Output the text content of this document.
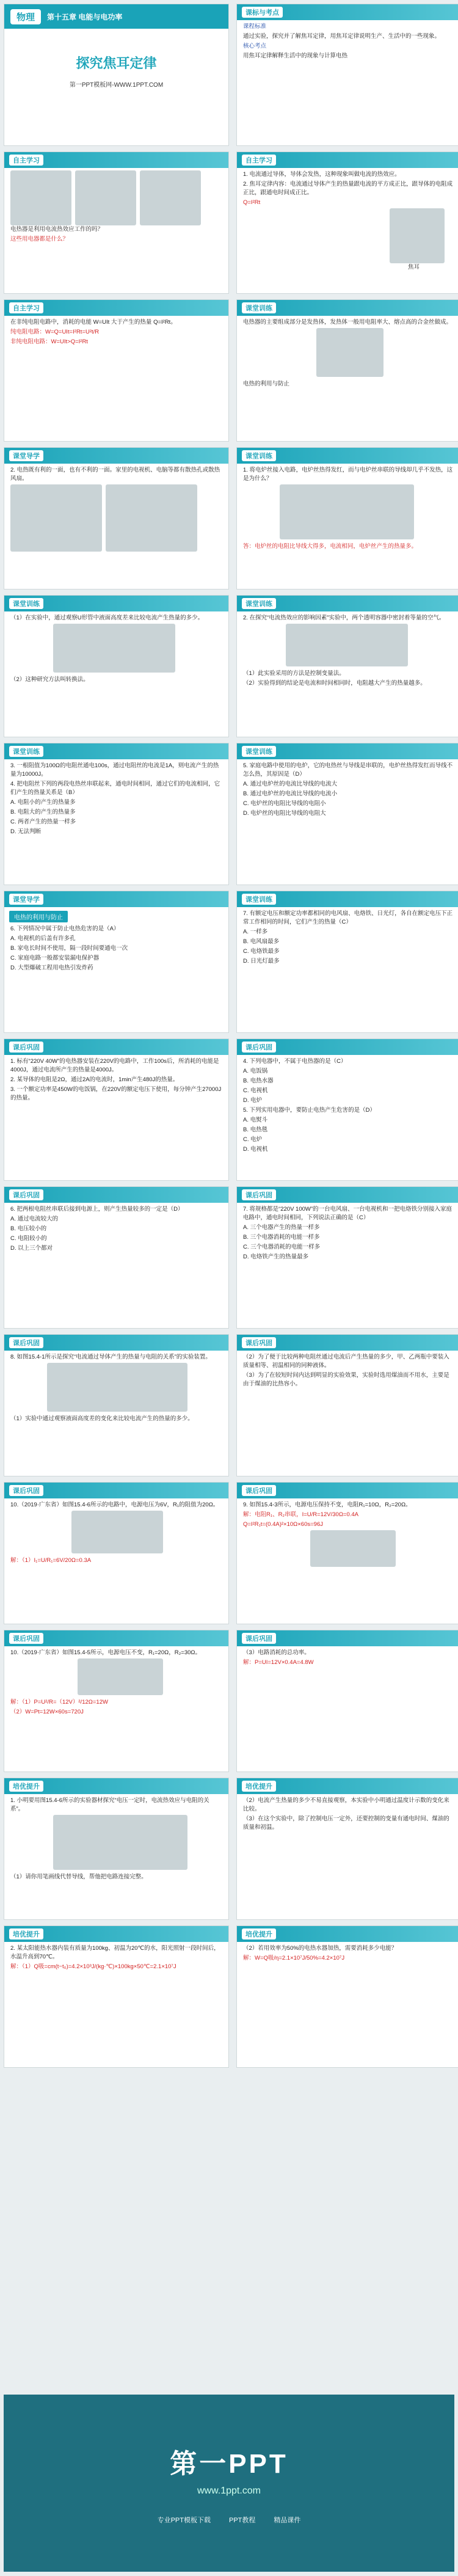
物理	第十五章 电能与电功率
探究焦耳定律
第一PPT模板网-WWW.1PPT.COM
课标与考点

课程标准

通过实验，探究并了解焦耳定律，用焦耳定律说明生产、生活中的一些现象。

核心考点

用焦耳定律解释生活中的现象与计算电热

自主学习

电热器是利用电流热效应工作的吗？

这些用电器都是什么？

自主学习

1. 电流通过导体，导体会发热，这种现象叫做电流的热效应。

2. 焦耳定律内容：电流通过导体产生的热量跟电流的平方成正比，跟导体的电阻成正比，跟通电时间成正比。

Q=I²Rt

焦耳

自主学习

在非纯电阻电路中，消耗的电能 W=UIt 大于产生的热量 Q=I²Rt。

纯电阻电路：W=Q=UIt=I²Rt=U²t/R

非纯电阻电路：W=UIt>Q=I²Rt

课堂训练

电热器的主要组成部分是发热体，发热体一般用电阻率大、熔点高的合金丝做成。

电热的利用与防止

课堂导学

2. 电热既有利的一面，也有不利的一面。家里的电视机、电脑等都有散热孔或散热风扇。

课堂训练

1. 将电炉丝接入电路，电炉丝热得发红，而与电炉丝串联的导线却几乎不发热，这是为什么？

答：电炉丝的电阻比导线大得多，电流相同，电炉丝产生的热量多。

课堂训练

（1）在实验中，通过观察U形管中液面高度差来比较电流产生热量的多少。

（2）这种研究方法叫转换法。

课堂训练

2. 在探究“电流热效应的影响因素”实验中，两个透明容器中密封着等量的空气。

（1）此实验采用的方法是控制变量法。

（2）实验得到的结论是电流和时间相同时，电阻越大产生的热量越多。

课堂训练

3. 一根阻值为100Ω的电阻丝通电100s，通过电阻丝的电流是1A，则电流产生的热量为10000J。

4. 把电阻丝下列的两段电热丝串联起来，通电时间相同，通过它们的电流相同，它们产生的热量关系是（B）

A. 电阻小的产生的热量多

B. 电阻大的产生的热量多

C. 两者产生的热量一样多

D. 无法判断

课堂训练

5. 家庭电路中使用的电炉，它的电热丝与导线是串联的，电炉丝热得发红而导线不怎么热，其原因是（D）

A. 通过电炉丝的电流比导线的电流大

B. 通过电炉丝的电流比导线的电流小

C. 电炉丝的电阻比导线的电阻小

D. 电炉丝的电阻比导线的电阻大

课堂导学
电热的利用与防止

6. 下列情况中属于防止电热危害的是（A）

A. 电视机的后盖有许多孔

B. 家电长时间不使用，隔一段时间要通电一次

C. 家庭电路一般都安装漏电保护器

D. 大型爆破工程用电热引发炸药

课堂训练

7. 有额定电压和额定功率都相同的电风扇、电烙铁、日光灯，各自在额定电压下正常工作相同的时间，它们产生的热量（C）

A. 一样多

B. 电风扇最多

C. 电烙铁最多

D. 日光灯最多

课后巩固

1. 标有“220V 40W”的电热器安装在220V的电路中，工作100s后，所消耗的电能是4000J，通过电流所产生的热量是4000J。

2. 某导体的电阻是2Ω，通过2A的电流时，1min产生480J的热量。

3. 一个额定功率是450W的电饭锅，在220V的额定电压下使用，每分钟产生27000J的热量。

课后巩固

4. 下列电器中，不属于电热器的是（C）

A. 电饭锅

B. 电热水器

C. 电视机

D. 电炉

5. 下列实用电器中，要防止电热产生危害的是（D）

A. 电熨斗

B. 电热毯

C. 电炉

D. 电视机

课后巩固

6. 把两根电阻丝串联后接到电源上，则产生热量较多的一定是（D）

A. 通过电流较大的

B. 电压较小的

C. 电阻较小的

D. 以上三个都对

课后巩固

7. 将规格都是“220V 100W”的一台电风扇、一台电视机和一把电烙铁分别接入家庭电路中，通电时间相同，下列说法正确的是（C）

A. 三个电器产生的热量一样多

B. 三个电器消耗的电能一样多

C. 三个电器消耗的电能一样多

D. 电烙铁产生的热量最多

课后巩固

8. 如图15.4-1所示是探究“电流通过导体产生的热量与电阻的关系”的实验装置。

（1）实验中通过观察液面高度差的变化来比较电流产生的热量的多少。

课后巩固

（2）为了便于比较两种电阻丝通过电流后产生热量的多少，甲、乙两瓶中要装入质量相等、初温相同的同种液体。

（3）为了在较短时间内达到明显的实验效果，实验时选用煤油而不用水，主要是由于煤油的比热容小。

课后巩固

10.（2019·广东省）如图15.4-6所示的电路中，电源电压为6V，R₁的阻值为20Ω。

解：（1）I₁=U/R₁=6V/20Ω=0.3A

课后巩固

9. 如图15.4-3所示，电源电压保持不变，电阻R₁=10Ω，R₂=20Ω。

解：电阻R₁、R₂串联，I=U/R=12V/30Ω=0.4A

Q=I²R₁t=(0.4A)²×10Ω×60s=96J

课后巩固

10.（2019·广东省）如图15.4-5所示，电源电压不变，R₁=20Ω，R₂=30Ω。

解：（1）P=U²/R=（12V）²/12Ω=12W

（2）W=Pt=12W×60s=720J

课后巩固

（3）电路消耗的总功率。

解：P=UI=12V×0.4A=4.8W

培优提升

1. 小明要用图15.4-6所示的实验器材探究“电压一定时，电流热效应与电阻的关系”。

（1）请你用笔画线代替导线，帮他把电路连接完整。

培优提升

（2）电流产生热量的多少不易直接观察，本实验中小明通过温度计示数的变化来比较。

（3）在这个实验中，除了控制电压一定外，还要控制的变量有通电时间、煤油的质量和初温。

培优提升

2. 某太阳能热水器内装有质量为100kg、初温为20℃的水，阳光照射一段时间后，水温升高到70℃。

解：（1）Q吸=cm(t−t₀)=4.2×10³J/(kg·℃)×100kg×50℃=2.1×10⁷J

培优提升

（2）若用效率为50%的电热水器加热，需要消耗多少电能？

解：W=Q吸/η=2.1×10⁷J/50%=4.2×10⁷J

第一PPT
www.1ppt.com
专业PPT模板下载	PPT教程	精品课件
